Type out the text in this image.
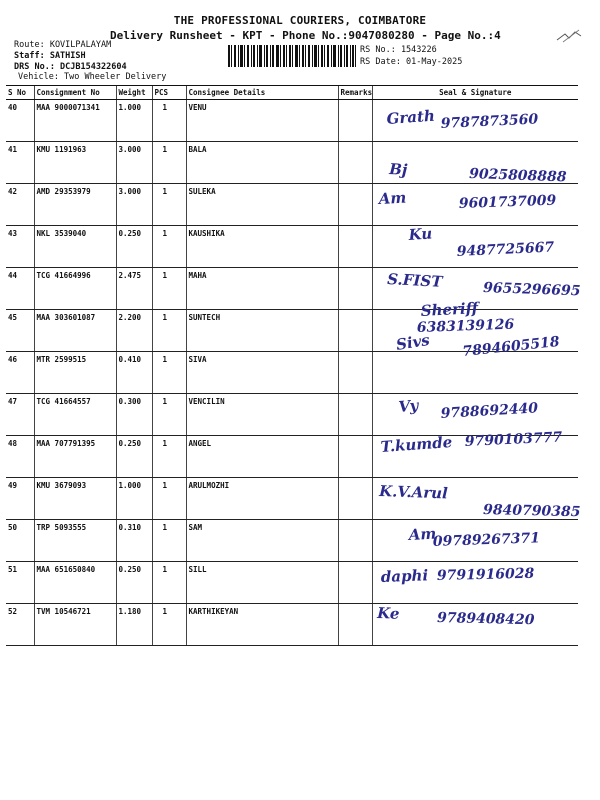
THE PROFESSIONAL COURIERS, COIMBATORE
Delivery Runsheet - KPT - Phone No.:9047080280 - Page No.:4
Route: KOVILPALAYAM
Staff: SATHISH
DRS No.: DCJB154322604
Vehicle: Two Wheeler Delivery
RS No.: 1543226
RS Date: 01-May-2025
S No	Consignment No	Weight	PCS	Consignee Details	Remarks	Seal & Signature
40	MAA 9000071341	1.000	1	VENU		Grath 9787873560

41	KMU 1191963	3.000	1	BALA		Bj 9025808888

42	AMD 29353979	3.000	1	SULEKA		Am 9601737009

43	NKL 3539040	0.250	1	KAUSHIKA		Ku
9487725667

44	TCG 41664996	2.475	1	MAHA		S.FIST 9655296695

45	MAA 303601087	2.200	1	SUNTECH		Sheriff
6383139126

46	MTR 2599515	0.410	1	SIVA		Sivs 7894605518

47	TCG 41664557	0.300	1	VENCILIN		Vy 9788692440

48	MAA 707791395	0.250	1	ANGEL		T.kumde 9790103777

49	KMU 3679093	1.000	1	ARULMOZHI		K.V.Arul
9840790385

50	TRP 5093555	0.310	1	SAM		Am
09789267371

51	MAA 651650840	0.250	1	SILL		daphi 9791916028

52	TVM 10546721	1.180	1	KARTHIKEYAN		Ke 9789408420
